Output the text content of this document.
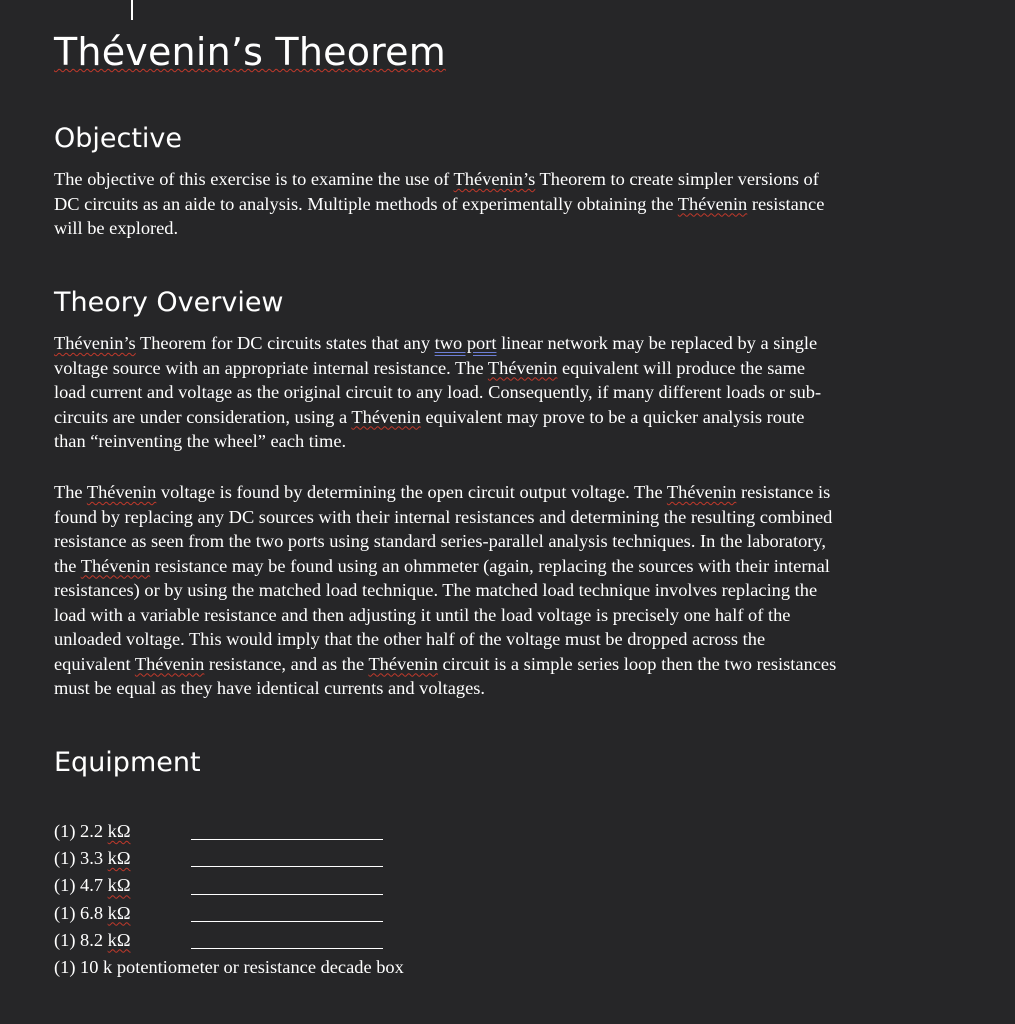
Thévenin’s Theorem
Objective
The objective of this exercise is to examine the use of Thévenin’s Theorem to create simpler versions of
DC circuits as an aide to analysis. Multiple methods of experimentally obtaining the Thévenin resistance
will be explored.
Theory Overview
Thévenin’s Theorem for DC circuits states that any two port linear network may be replaced by a single
voltage source with an appropriate internal resistance. The Thévenin equivalent will produce the same
load current and voltage as the original circuit to any load. Consequently, if many different loads or sub-
circuits are under consideration, using a Thévenin equivalent may prove to be a quicker analysis route
than “reinventing the wheel” each time.
The Thévenin voltage is found by determining the open circuit output voltage. The Thévenin resistance is
found by replacing any DC sources with their internal resistances and determining the resulting combined
resistance as seen from the two ports using standard series-parallel analysis techniques. In the laboratory,
the Thévenin resistance may be found using an ohmmeter (again, replacing the sources with their internal
resistances) or by using the matched load technique. The matched load technique involves replacing the
load with a variable resistance and then adjusting it until the load voltage is precisely one half of the
unloaded voltage. This would imply that the other half of the voltage must be dropped across the
equivalent Thévenin resistance, and as the Thévenin circuit is a simple series loop then the two resistances
must be equal as they have identical currents and voltages.
Equipment
(1) 2.2 kΩ
(1) 3.3 kΩ
(1) 4.7 kΩ
(1) 6.8 kΩ
(1) 8.2 kΩ
(1) 10 k potentiometer or resistance decade box
